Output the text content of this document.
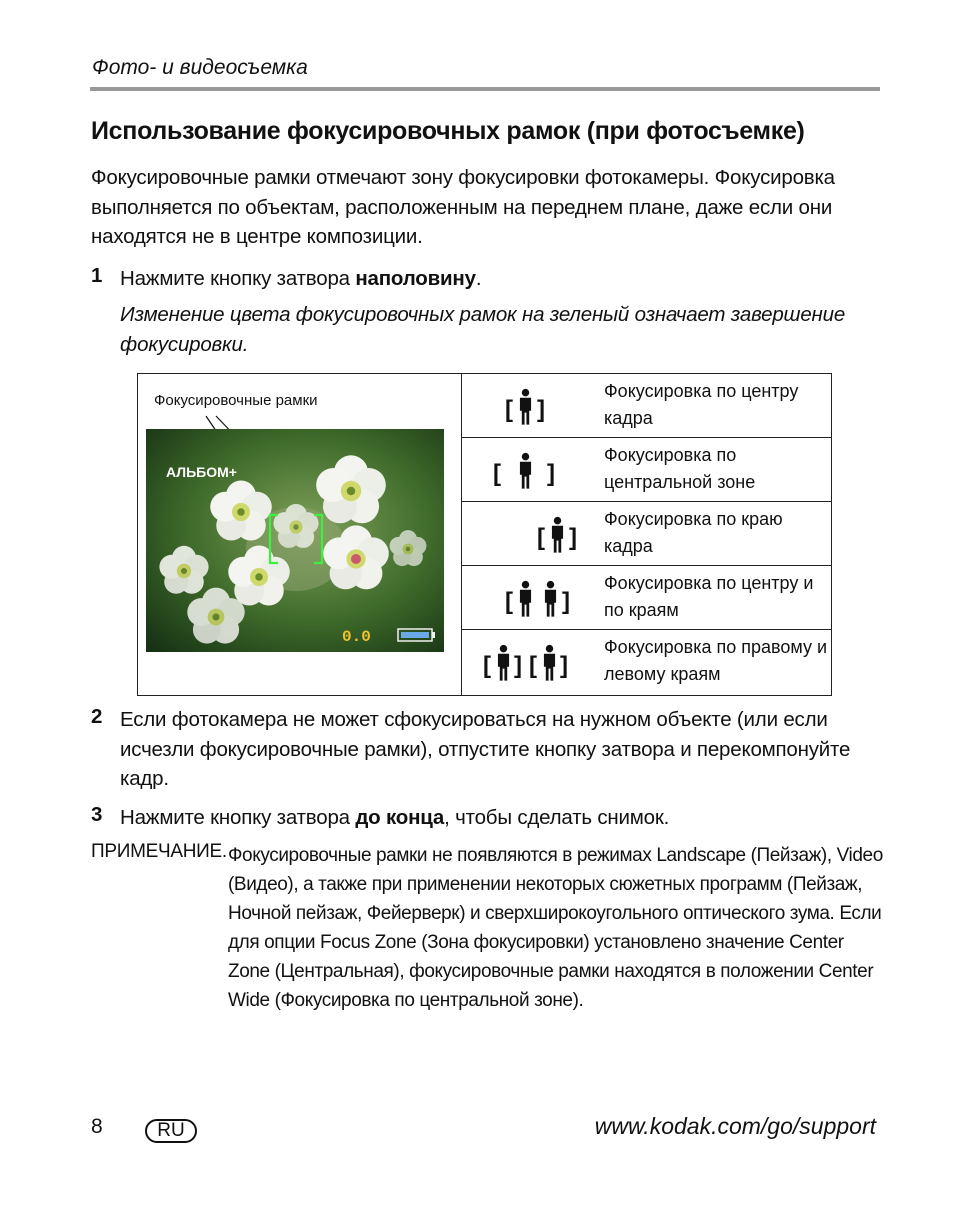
Фото- и видеосъемка
Использование фокусировочных рамок (при фотосъемке)

Фокусировочные рамки отмечают зону фокусировки фотокамеры. Фокусировка выполняется по объектам, расположенным на переднем плане, даже если они находятся не в центре композиции.

1 Нажмите кнопку затвора наполовину.

Изменение цвета фокусировочных рамок на зеленый означает завершение фокусировки.

Фокусировочные рамки
АЛЬБОМ+
0.0
[ ]
Фокусировка по центру кадра
[ ]
Фокусировка по центральной зоне
[ ]
Фокусировка по краю кадра
[ ]
Фокусировка по центру и по краям
[ ] [ ]
Фокусировка по правому и левому краям
2 Если фотокамера не может сфокусироваться на нужном объекте (или если исчезли фокусировочные рамки), отпустите кнопку затвора и перекомпонуйте кадр.

3 Нажмите кнопку затвора до конца, чтобы сделать снимок.

ПРИМЕЧАНИЕ. Фокусировочные рамки не появляются в режимах Landscape (Пейзаж), Video (Видео), а также при применении некоторых сюжетных программ (Пейзаж, Ночной пейзаж, Фейерверк) и сверхширокоугольного оптического зума. Если для опции Focus Zone (Зона фокусировки) установлено значение Center Zone (Центральная), фокусировочные рамки находятся в положении Center Wide (Фокусировка по центральной зоне).

8	RU	www.kodak.com/go/support
